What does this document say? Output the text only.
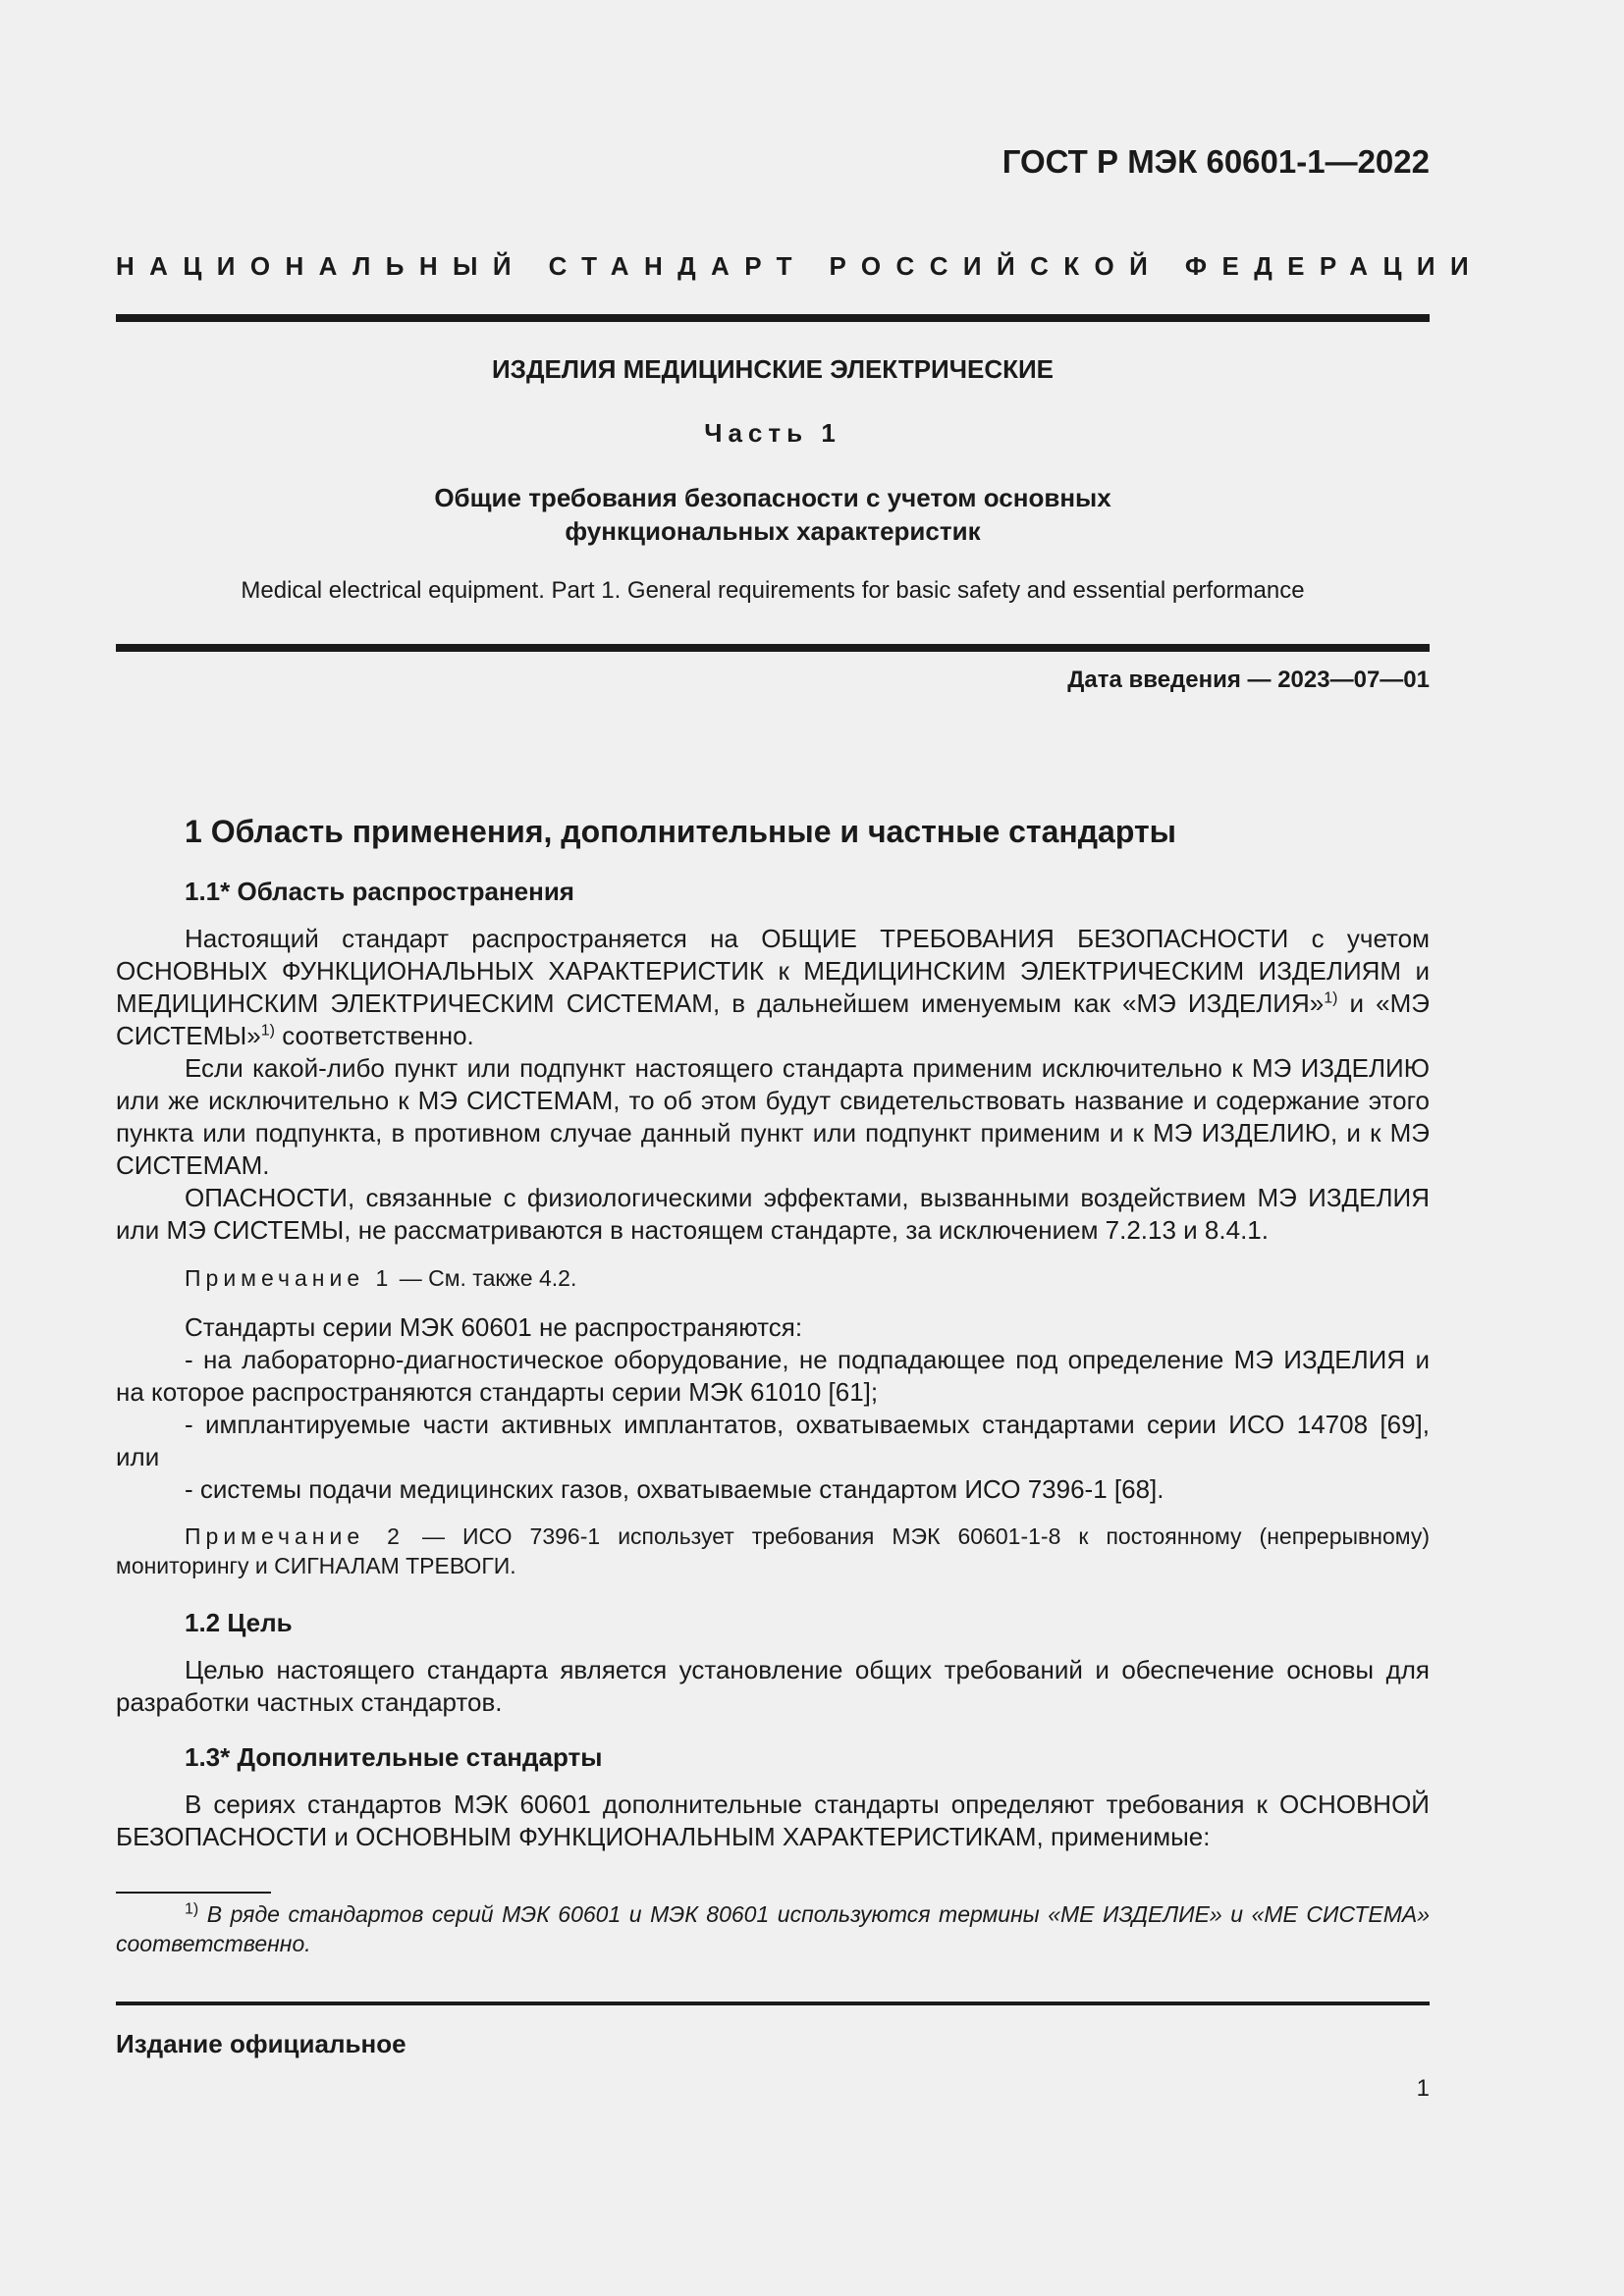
ГОСТ Р МЭК 60601-1—2022
НАЦИОНАЛЬНЫЙ СТАНДАРТ РОССИЙСКОЙ ФЕДЕРАЦИИ
ИЗДЕЛИЯ МЕДИЦИНСКИЕ ЭЛЕКТРИЧЕСКИЕ
Часть 1
Общие требования безопасности с учетом основных
функциональных характеристик
Medical electrical equipment. Part 1. General requirements for basic safety and essential performance
Дата введения — 2023—07—01
1 Область применения, дополнительные и частные стандарты
1.1* Область распространения

Настоящий стандарт распространяется на ОБЩИЕ ТРЕБОВАНИЯ БЕЗОПАСНОСТИ с учетом ОСНОВНЫХ ФУНКЦИОНАЛЬНЫХ ХАРАКТЕРИСТИК к МЕДИЦИНСКИМ ЭЛЕКТРИЧЕСКИМ ИЗДЕЛИЯМ и МЕДИЦИНСКИМ ЭЛЕКТРИЧЕСКИМ СИСТЕМАМ, в дальнейшем именуемым как «МЭ ИЗДЕЛИЯ»$^{1)}$ и «МЭ СИСТЕМЫ»$^{1)}$ соответственно.

Если какой-либо пункт или подпункт настоящего стандарта применим исключительно к МЭ ИЗДЕЛИЮ или же исключительно к МЭ СИСТЕМАМ, то об этом будут свидетельствовать название и содержание этого пункта или подпункта, в противном случае данный пункт или подпункт применим и к МЭ ИЗДЕЛИЮ, и к МЭ СИСТЕМАМ.

ОПАСНОСТИ, связанные с физиологическими эффектами, вызванными воздействием МЭ ИЗДЕЛИЯ или МЭ СИСТЕМЫ, не рассматриваются в настоящем стандарте, за исключением 7.2.13 и 8.4.1.

Примечание 1 — См. также 4.2.

Стандарты серии МЭК 60601 не распространяются:

- на лабораторно-диагностическое оборудование, не подпадающее под определение МЭ ИЗДЕЛИЯ и на которое распространяются стандарты серии МЭК 61010 [61];

- имплантируемые части активных имплантатов, охватываемых стандартами серии ИСО 14708 [69], или

- системы подачи медицинских газов, охватываемые стандартом ИСО 7396-1 [68].

Примечание 2 — ИСО 7396-1 использует требования МЭК 60601-1-8 к постоянному (непрерывному) мониторингу и СИГНАЛАМ ТРЕВОГИ.

1.2 Цель

Целью настоящего стандарта является установление общих требований и обеспечение основы для разработки частных стандартов.

1.3* Дополнительные стандарты

В сериях стандартов МЭК 60601 дополнительные стандарты определяют требования к ОСНОВНОЙ БЕЗОПАСНОСТИ и ОСНОВНЫМ ФУНКЦИОНАЛЬНЫМ ХАРАКТЕРИСТИКАМ, применимые:

$^{1)}$ В ряде стандартов серий МЭК 60601 и МЭК 80601 используются термины «МЕ ИЗДЕЛИЕ» и «МЕ СИСТЕМА» соответственно.

Издание официальное
1
